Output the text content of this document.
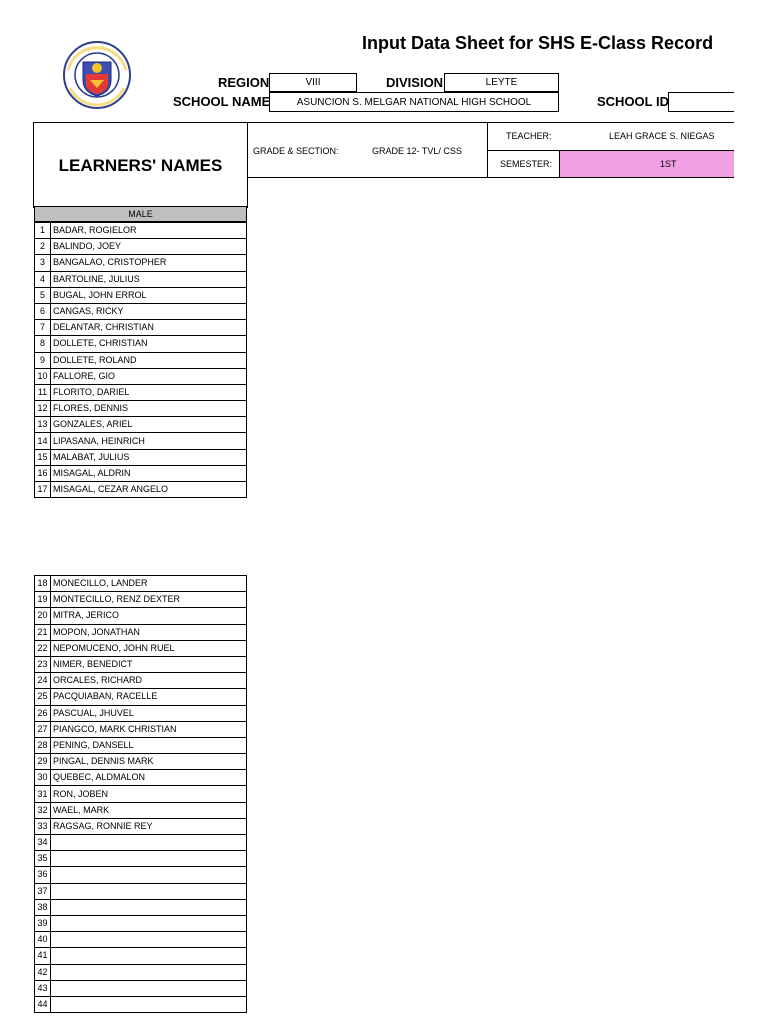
Input Data Sheet for SHS E-Class Record
REGION	VIII	DIVISION	LEYTE
SCHOOL NAME	ASUNCION S. MELGAR NATIONAL HIGH SCHOOL	SCHOOL ID
LEARNERS' NAMES
GRADE & SECTION:	GRADE 12- TVL/ CSS
TEACHER:	LEAH GRACE S. NIEGAS
SEMESTER:	1ST
MALE
1	BADAR, ROGIELOR
2	BALINDO, JOEY
3	BANGALAO, CRISTOPHER
4	BARTOLINE, JULIUS
5	BUGAL, JOHN ERROL
6	CANGAS, RICKY
7	DELANTAR, CHRISTIAN
8	DOLLETE, CHRISTIAN
9	DOLLETE, ROLAND
10	FALLORE, GIO
11	FLORITO, DARIEL
12	FLORES, DENNIS
13	GONZALES, ARIEL
14	LIPASANA, HEINRICH
15	MALABAT, JULIUS
16	MISAGAL, ALDRIN
17	MISAGAL, CEZAR ANGELO
18	MONECILLO, LANDER
19	MONTECILLO, RENZ DEXTER
20	MITRA, JERICO
21	MOPON, JONATHAN
22	NEPOMUCENO, JOHN RUEL
23	NIMER, BENEDICT
24	ORCALES, RICHARD
25	PACQUIABAN, RACELLE
26	PASCUAL, JHUVEL
27	PIANGCO, MARK CHRISTIAN
28	PENING, DANSELL
29	PINGAL, DENNIS MARK
30	QUEBEC, ALDMALON
31	RON, JOBEN
32	WAEL, MARK
33	RAGSAG, RONNIE REY
34	
35	
36	
37	
38	
39	
40	
41	
42	
43	
44	
